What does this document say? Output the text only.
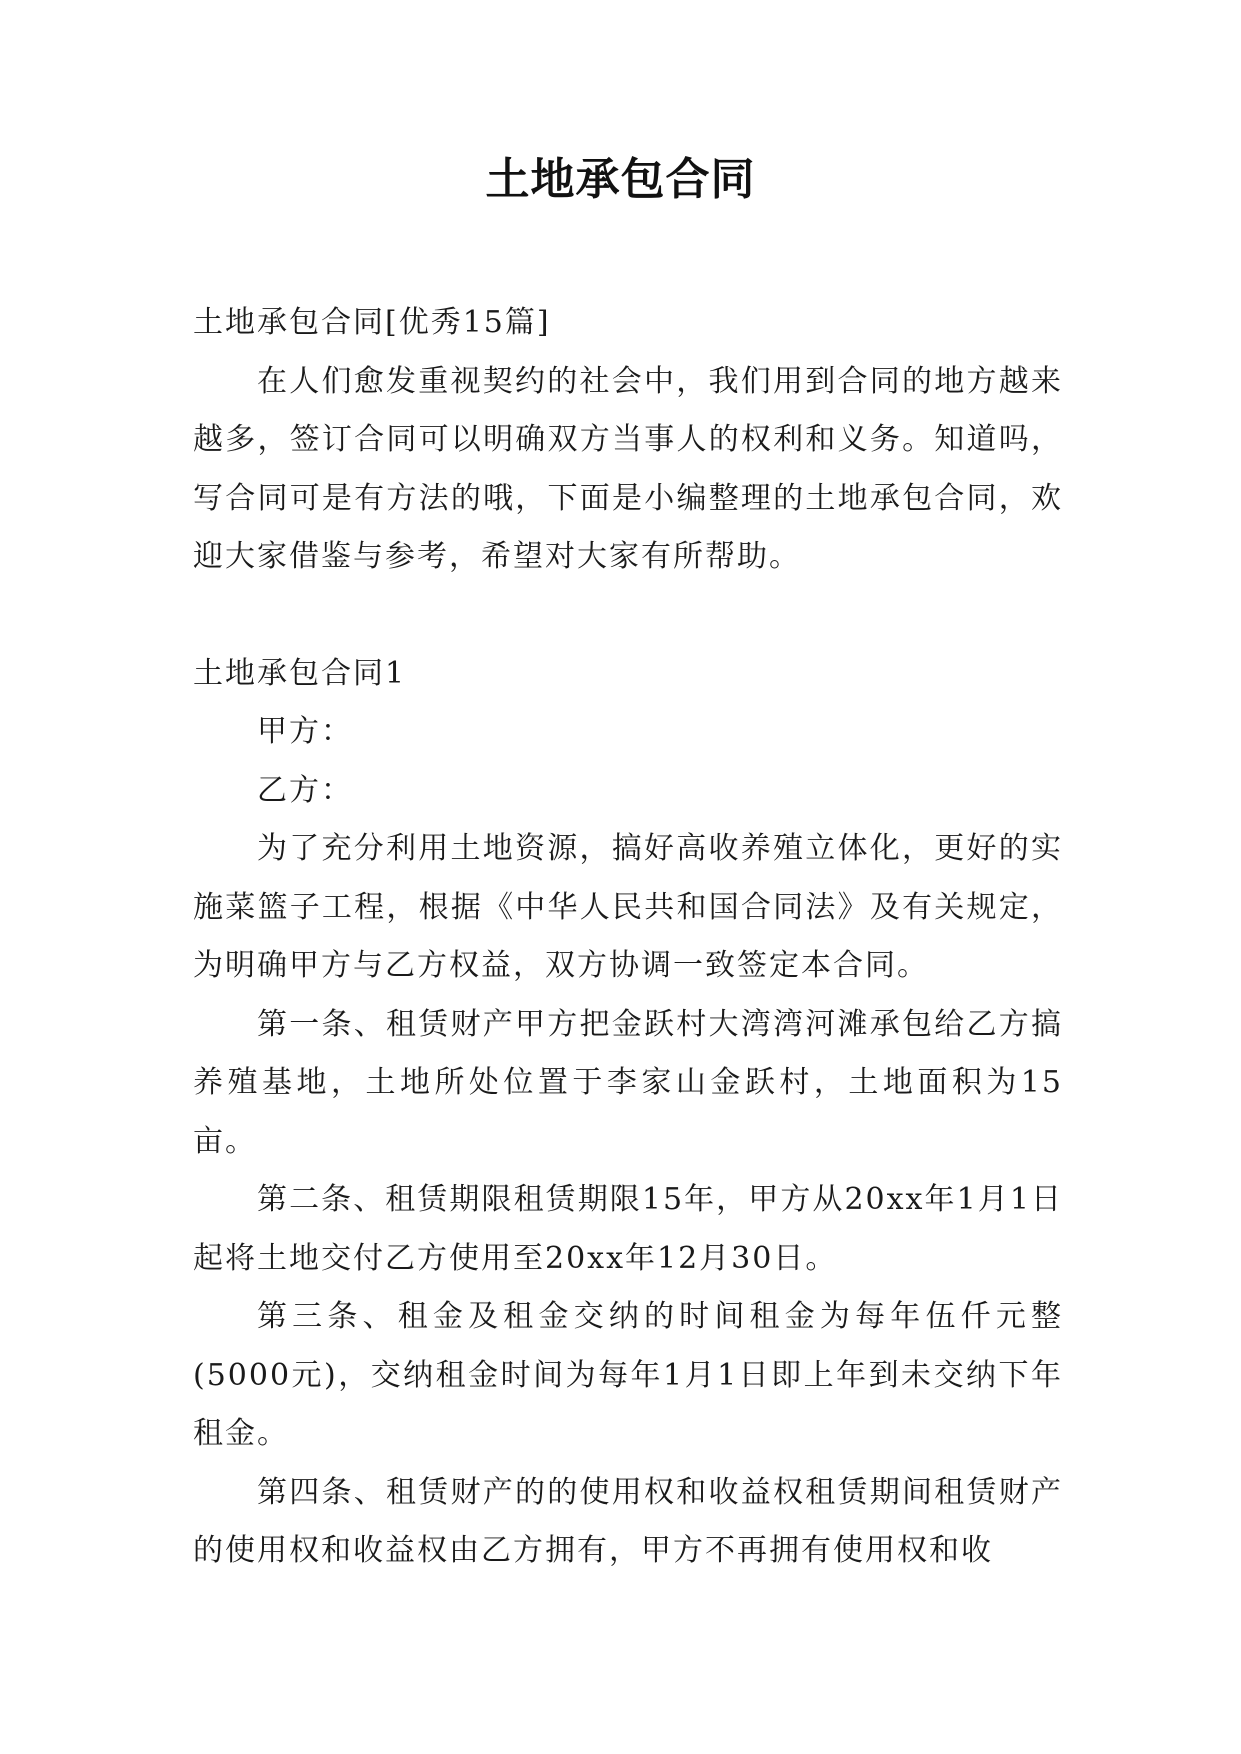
土地承包合同

土地承包合同[优秀15篇]

在人们愈发重视契约的社会中，我们用到合同的地方越来越多，签订合同可以明确双方当事人的权利和义务。知道吗，写合同可是有方法的哦，下面是小编整理的土地承包合同，欢迎大家借鉴与参考，希望对大家有所帮助。

土地承包合同1

甲方：

乙方：

为了充分利用土地资源，搞好高收养殖立体化，更好的实施菜篮子工程，根据《中华人民共和国合同法》及有关规定，为明确甲方与乙方权益，双方协调一致签定本合同。

第一条、租赁财产甲方把金跃村大湾湾河滩承包给乙方搞养殖基地，土地所处位置于李家山金跃村，土地面积为15亩。

第二条、租赁期限租赁期限15年，甲方从20xx年1月1日起将土地交付乙方使用至20xx年12月30日。

第三条、租金及租金交纳的时间租金为每年伍仟元整(5000元)，交纳租金时间为每年1月1日即上年到未交纳下年租金。

第四条、租赁财产的的使用权和收益权租赁期间租赁财产的使用权和收益权由乙方拥有，甲方不再拥有使用权和收
